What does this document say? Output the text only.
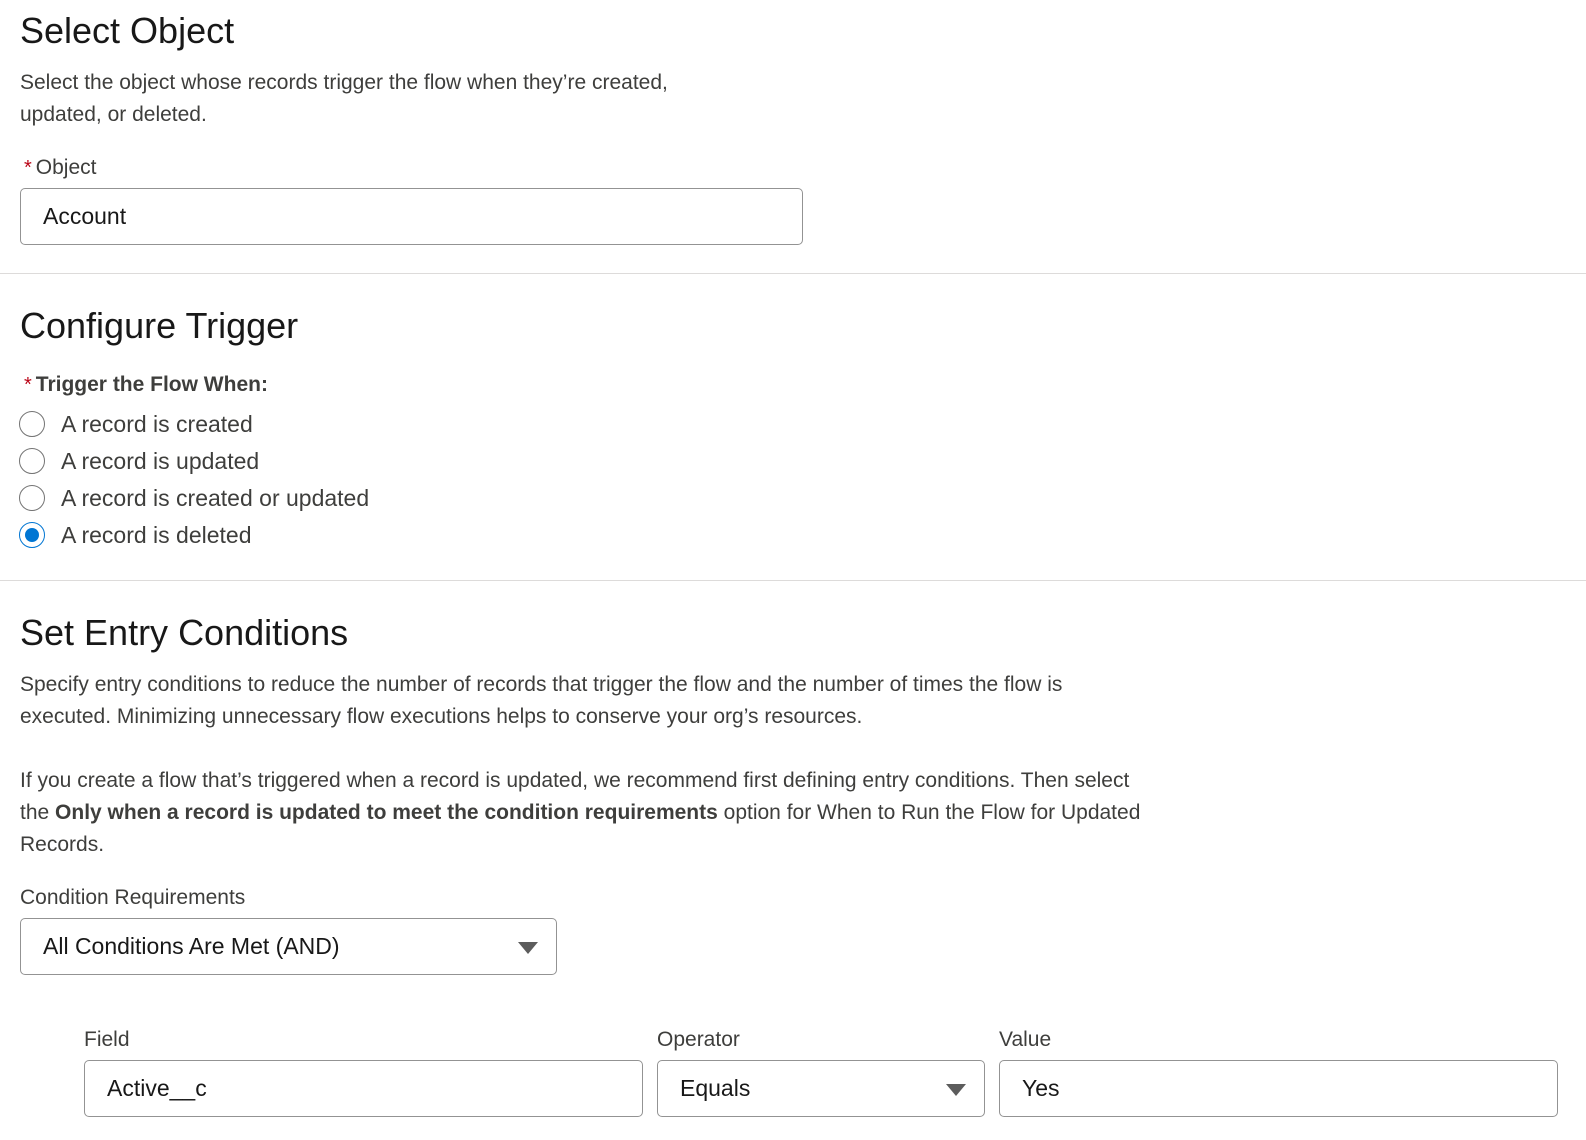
Select Object
Select the object whose records trigger the flow when they’re created,
updated, or deleted.
* Object
Account
Configure Trigger
* Trigger the Flow When:
A record is created
A record is updated
A record is created or updated
A record is deleted
Set Entry Conditions
Specify entry conditions to reduce the number of records that trigger the flow and the number of times the flow is
executed. Minimizing unnecessary flow executions helps to conserve your org’s resources.
If you create a flow that’s triggered when a record is updated, we recommend first defining entry conditions. Then select
the Only when a record is updated to meet the condition requirements option for When to Run the Flow for Updated
Records.
Condition Requirements
All Conditions Are Met (AND)
Field	Operator	Value
Active__c	Equals	Yes
